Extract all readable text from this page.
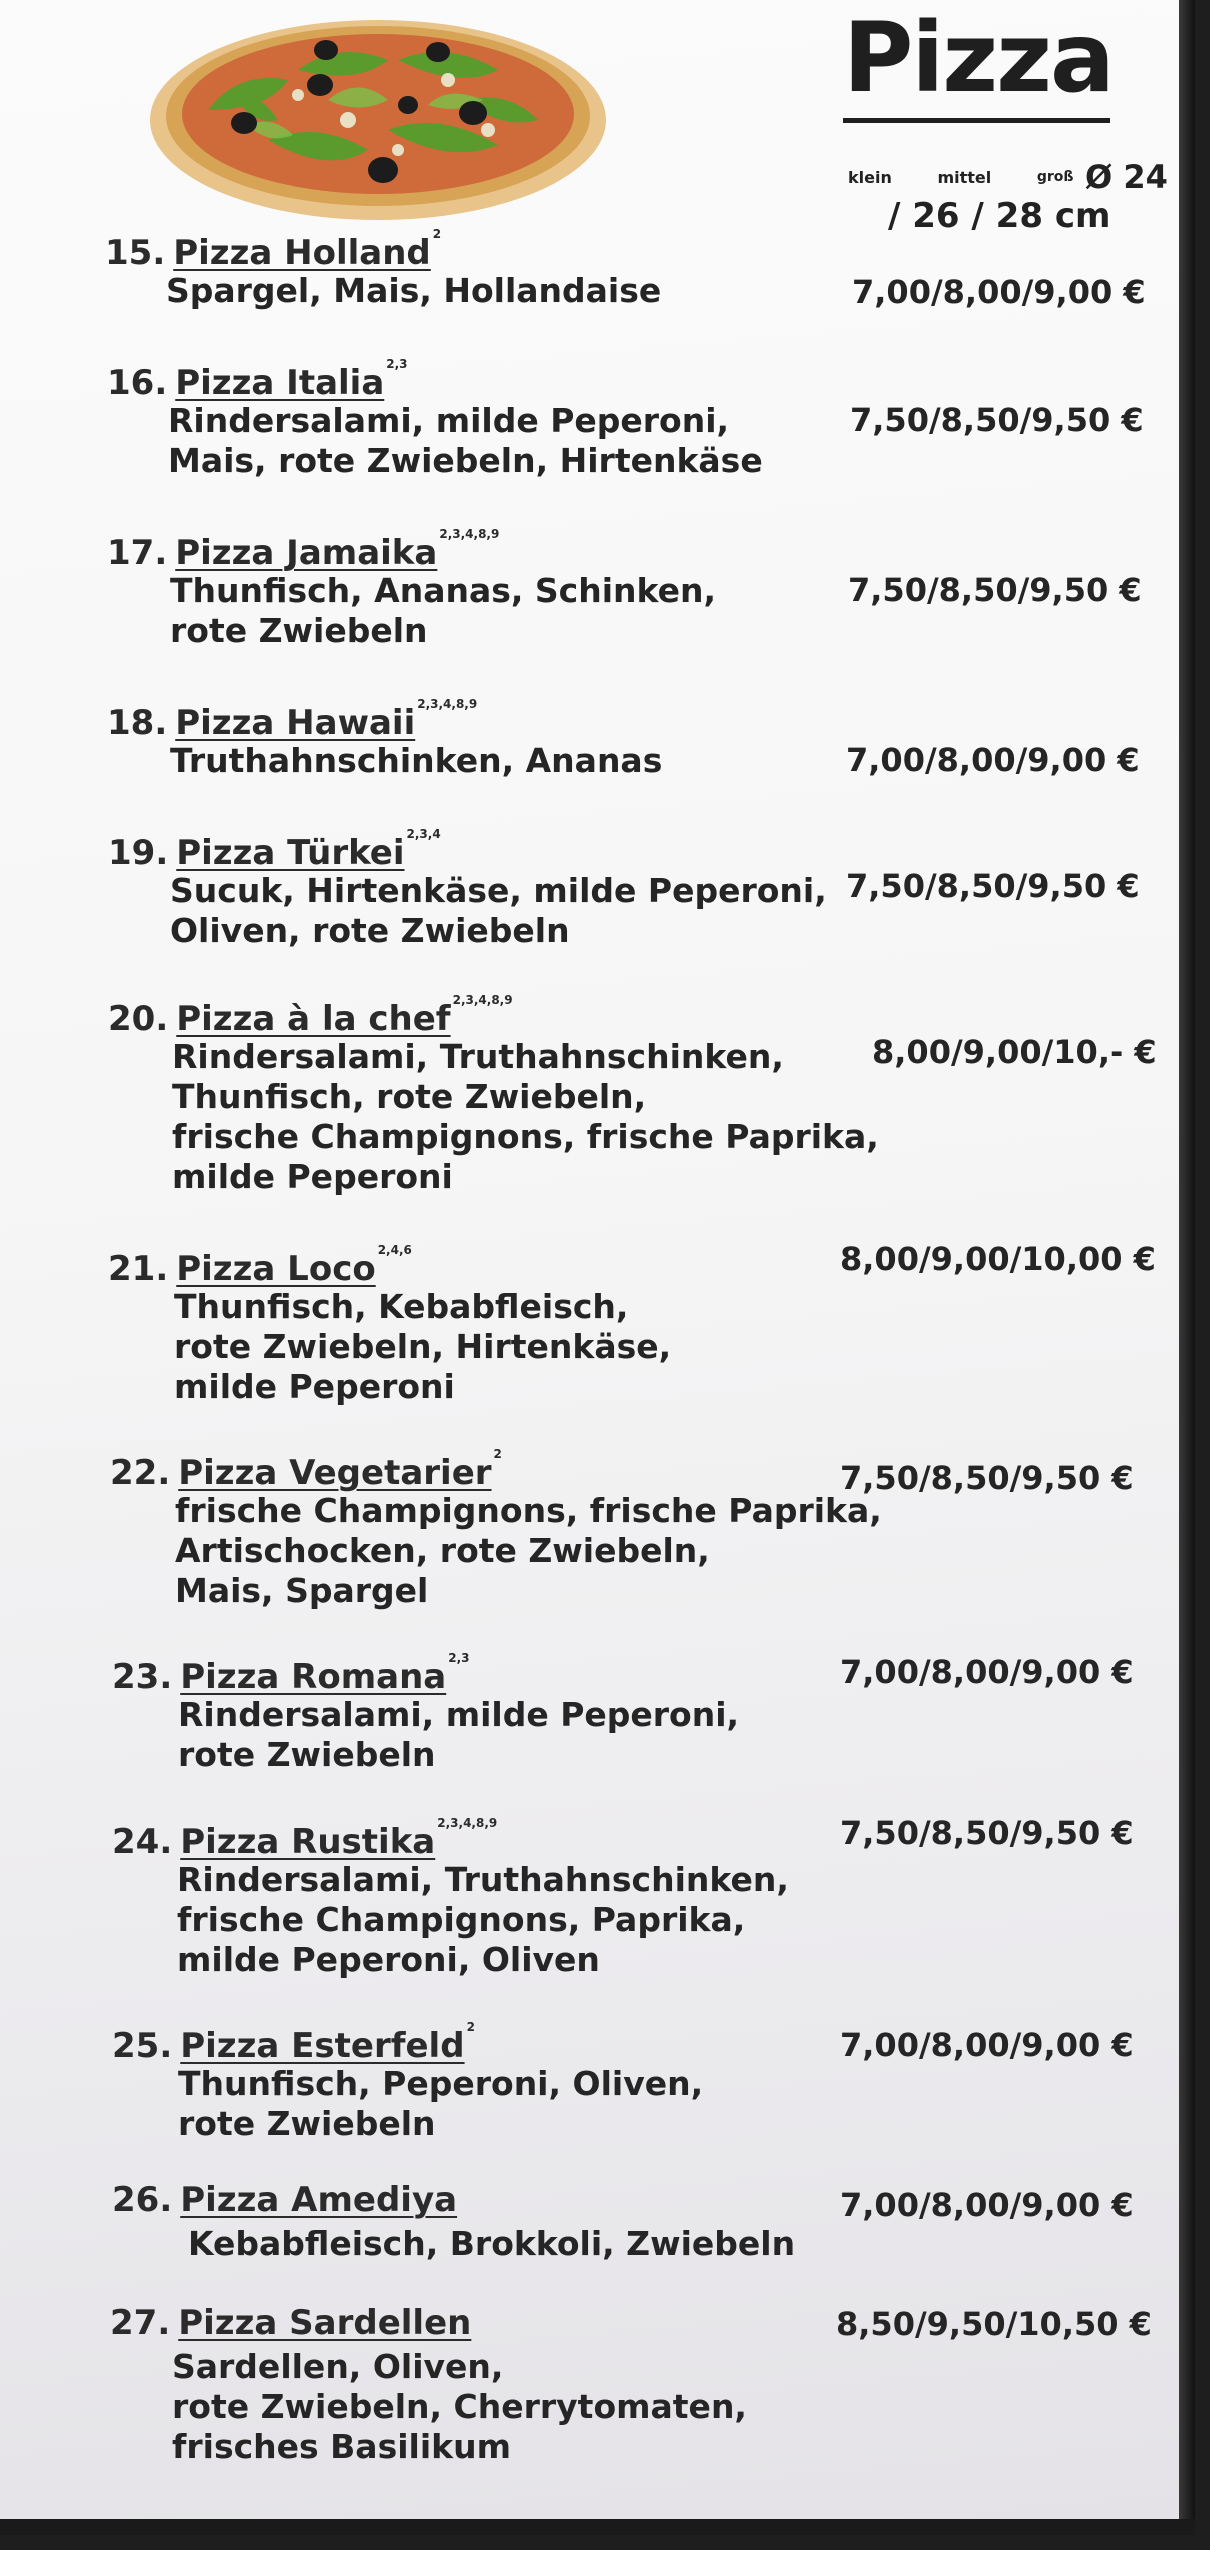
Pizza
klein	mittel	groß Ø 24
/ 26 / 28 cm
15. Pizza Holland $^2$
Spargel, Mais, Hollandaise	7,00/8,00/9,00 €
16. Pizza Italia $^{2,3}$
Rindersalami, milde Peperoni,
Mais, rote Zwiebeln, Hirtenkäse
7,50/8,50/9,50 €
17. Pizza Jamaika $^{2,3,4,8,9}$
Thunfisch, Ananas, Schinken,
rote Zwiebeln
7,50/8,50/9,50 €
18. Pizza Hawaii $^{2,3,4,8,9}$
Truthahnschinken, Ananas	7,00/8,00/9,00 €
19. Pizza Türkei $^{2,3,4}$
Sucuk, Hirtenkäse, milde Peperoni,
Oliven, rote Zwiebeln
7,50/8,50/9,50 €
20. Pizza à la chef $^{2,3,4,8,9}$
Rindersalami, Truthahnschinken,
Thunfisch, rote Zwiebeln,
frische Champignons, frische Paprika,
milde Peperoni
8,00/9,00/10,- €
21. Pizza Loco $^{2,4,6}$
Thunfisch, Kebabfleisch,
rote Zwiebeln, Hirtenkäse,
milde Peperoni
8,00/9,00/10,00 €
22. Pizza Vegetarier $^2$
frische Champignons, frische Paprika,
Artischocken, rote Zwiebeln,
Mais, Spargel
7,50/8,50/9,50 €
23. Pizza Romana $^{2,3}$
Rindersalami, milde Peperoni,
rote Zwiebeln
7,00/8,00/9,00 €
24. Pizza Rustika $^{2,3,4,8,9}$
Rindersalami, Truthahnschinken,
frische Champignons, Paprika,
milde Peperoni, Oliven
7,50/8,50/9,50 €
25. Pizza Esterfeld $^2$
Thunfisch, Peperoni, Oliven,
rote Zwiebeln
7,00/8,00/9,00 €
26. Pizza Amediya
Kebabfleisch, Brokkoli, Zwiebeln
7,00/8,00/9,00 €
27. Pizza Sardellen
Sardellen, Oliven,
rote Zwiebeln, Cherrytomaten,
frisches Basilikum
8,50/9,50/10,50 €
